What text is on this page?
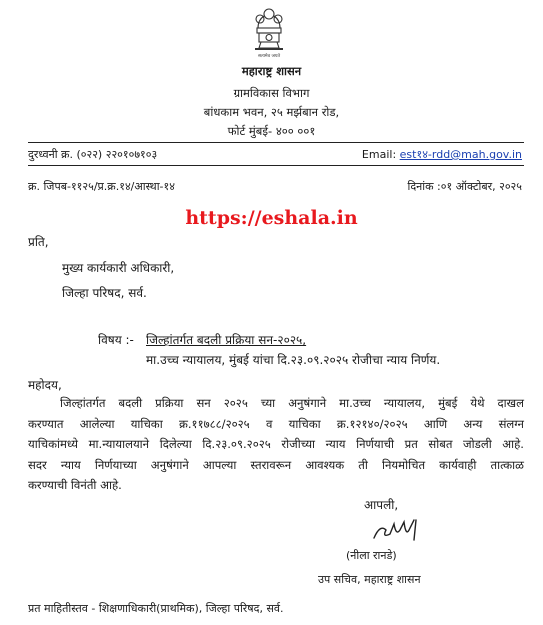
सत्यमेव जयते
महाराष्ट्र शासन
ग्रामविकास विभाग
बांधकाम भवन, २५ मर्झबान रोड,
फोर्ट मुंबई- ४०० ००१
दुरध्वनी क्र. (०२२) २२०१०७१०३	Email: est१४-rdd@mah.gov.in
क्र. जिपब-११२५/प्र.क्र.१४/आस्था-१४	दिनांक :०१ ऑक्टोबर, २०२५
https://eshala.in
प्रति,
मुख्य कार्यकारी अधिकारी,
जिल्हा परिषद, सर्व.
विषय :- जिल्हांतर्गत बदली प्रक्रिया सन-२०२५,
मा.उच्च न्यायालय, मुंबई यांचा दि.२३.०९.२०२५ रोजीचा न्याय निर्णय.
महोदय,
जिल्हांतर्गत बदली प्रक्रिया सन २०२५ च्या अनुषंगाने मा.उच्च न्यायालय, मुंबई येथे दाखल
करण्यात आलेल्या याचिका क्र.११७८८/२०२५ व याचिका क्र.१२१४०/२०२५ आणि अन्य संलग्न
याचिकांमध्ये मा.न्यायालयाने दिलेल्या दि.२३.०९.२०२५ रोजीच्या न्याय निर्णयाची प्रत सोबत जोडली आहे.
सदर न्याय निर्णयाच्या अनुषंगाने आपल्या स्तरावरून आवश्यक ती नियमोचित कार्यवाही तात्काळ
करण्याची विनंती आहे.
आपली,
(नीला रानडे)
उप सचिव, महाराष्ट्र शासन
प्रत माहितीस्तव - शिक्षणाधिकारी(प्राथमिक), जिल्हा परिषद, सर्व.
